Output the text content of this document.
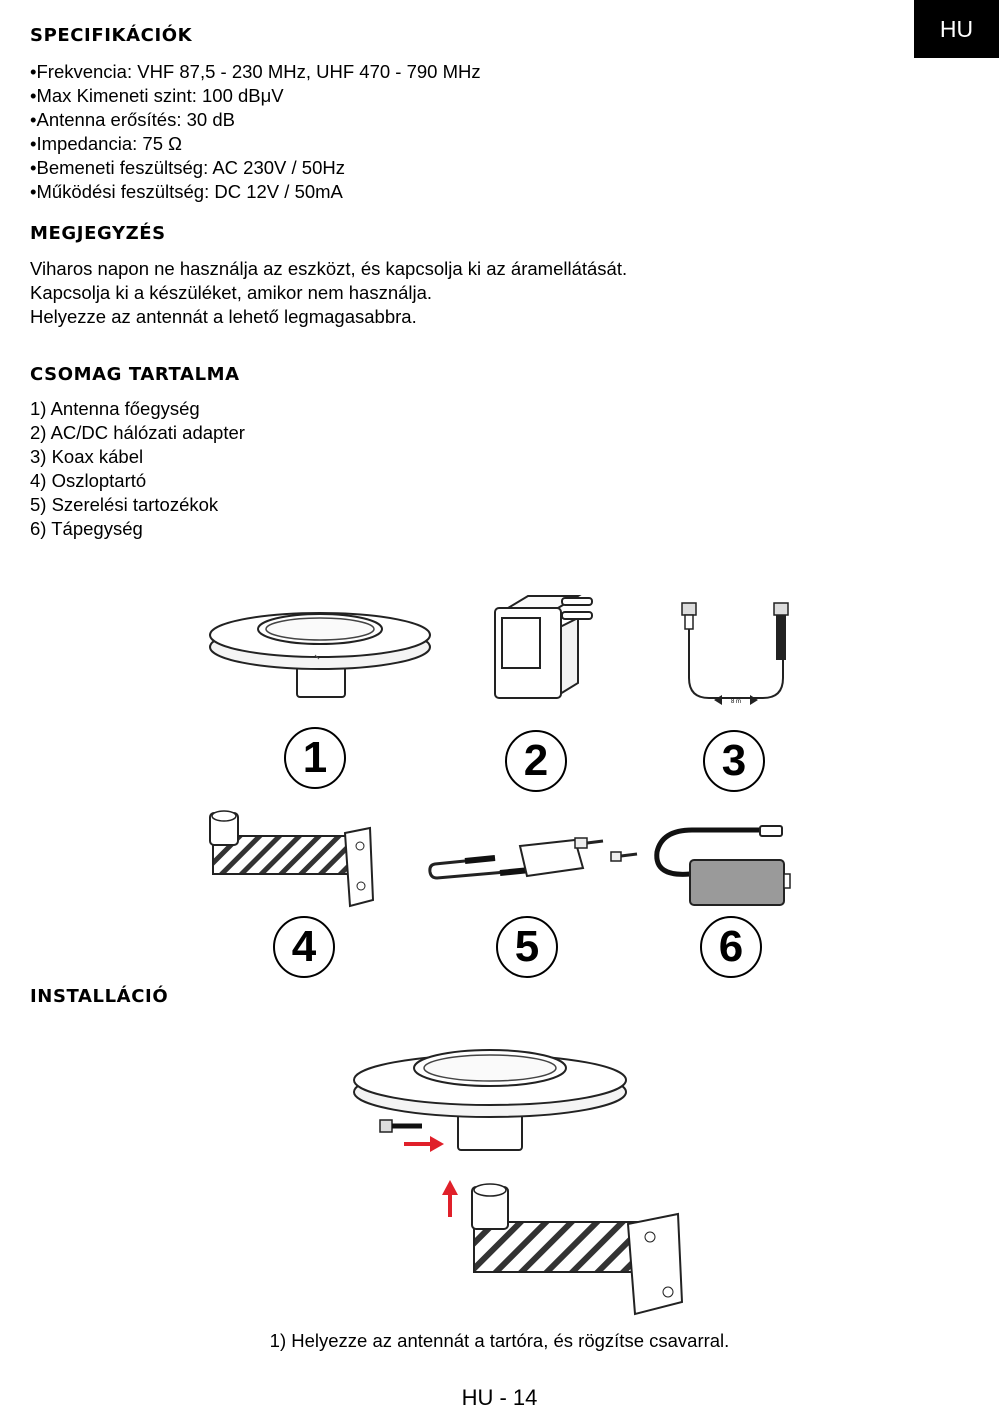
HU
SPECIFIKÁCIÓK
•Frekvencia: VHF 87,5 - 230 MHz, UHF 470 - 790 MHz
•Max Kimeneti szint: 100 dBμV
•Antenna erősítés: 30 dB
•Impedancia: 75 Ω
•Bemeneti feszültség: AC 230V / 50Hz
•Működési feszültség: DC 12V / 50mA
MEGJEGYZÉS
Viharos napon ne használja az eszközt, és kapcsolja ki az áramellátását.
Kapcsolja ki a készüléket, amikor nem használja.
Helyezze az antennát a lehető legmagasabbra.
CSOMAG TARTALMA
1) Antenna főegység
2) AC/DC hálózati adapter
3) Koax kábel
4) Oszloptartó
5) Szerelési tartozékok
6) Tápegység
8 m
1	2	3
4	5	6
INSTALLÁCIÓ
1) Helyezze az antennát a tartóra, és rögzítse csavarral.
HU - 14
